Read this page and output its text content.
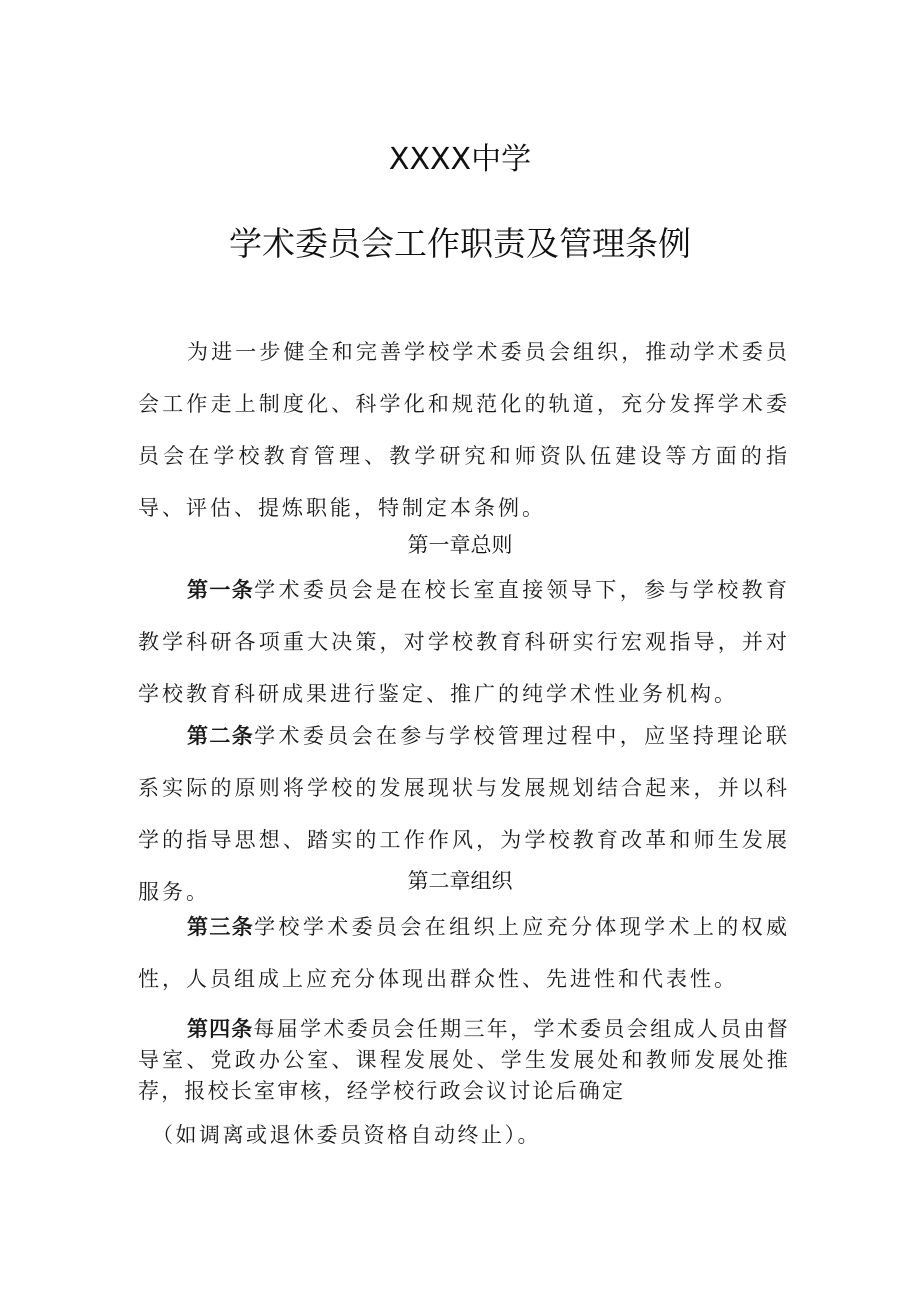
XXXX中学
学术委员会工作职责及管理条例

为进一步健全和完善学校学术委员会组织，推动学术委员会工作走上制度化、科学化和规范化的轨道，充分发挥学术委员会在学校教育管理、教学研究和师资队伍建设等方面的指导、评估、提炼职能，特制定本条例。

第一章总则

第一条学术委员会是在校长室直接领导下，参与学校教育教学科研各项重大决策，对学校教育科研实行宏观指导，并对学校教育科研成果进行鉴定、推广的纯学术性业务机构。

第二条学术委员会在参与学校管理过程中，应坚持理论联系实际的原则将学校的发展现状与发展规划结合起来，并以科学的指导思想、踏实的工作作风，为学校教育改革和师生发展服务。	第二章组织

第三条学校学术委员会在组织上应充分体现学术上的权威性，人员组成上应充分体现出群众性、先进性和代表性。

第四条每届学术委员会任期三年，学术委员会组成人员由督导室、党政办公室、课程发展处、学生发展处和教师发展处推荐，报校长室审核，经学校行政会议讨论后确定

（如调离或退休委员资格自动终止）。
